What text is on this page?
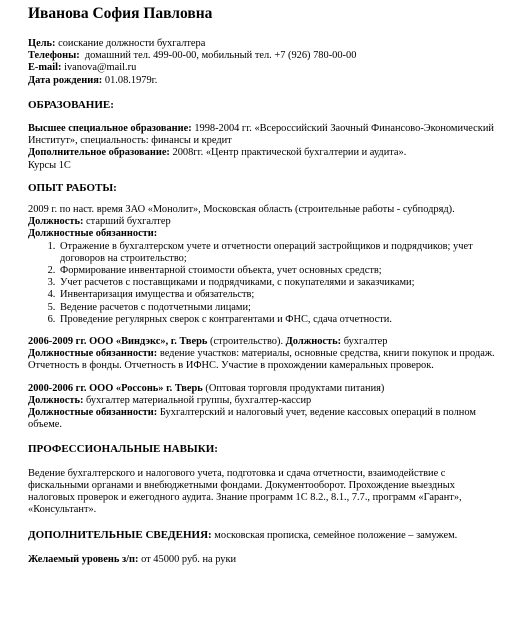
Иванова София Павловна

Цель: соискание должности бухгалтера

Телефоны: домашний тел. 499-00-00, мобильный тел. +7 (926) 780-00-00

E-mail: ivanova@mail.ru

Дата рождения: 01.08.1979г.

ОБРАЗОВАНИЕ:

Высшее специальное образование: 1998-2004 гг. «Всероссийский Заочный Финансово-Экономический Институт», специальность: финансы и кредит

Дополнительное образование: 2008гг. «Центр практической бухгалтерии и аудита».

Курсы 1С

ОПЫТ РАБОТЫ:

2009 г. по наст. время ЗАО «Монолит», Московская область (строительные работы - субподряд). Должность: старший бухгалтер

Должностные обязанности:

1. Отражение в бухгалтерском учете и отчетности операций застройщиков и подрядчиков; учет договоров на строительство;
2. Формирование инвентарной стоимости объекта, учет основных средств;
3. Учет расчетов с поставщиками и подрядчиками, с покупателями и заказчиками;
4. Инвентаризация имущества и обязательств;
5. Ведение расчетов с подотчетными лицами;
6. Проведение регулярных сверок с контрагентами и ФНС, сдача отчетности.

2006-2009 гг. ООО «Виндэкс», г. Тверь (строительство). Должность: бухгалтер

Должностные обязанности: ведение участков: материалы, основные средства, книги покупок и продаж. Отчетность в фонды. Отчетность в ИФНС. Участие в прохождении камеральных проверок.

2000-2006 гг. ООО «Россонь» г. Тверь (Оптовая торговля продуктами питания)

Должность: бухгалтер материальной группы, бухгалтер-кассир

Должностные обязанности: Бухгалтерский и налоговый учет, ведение кассовых операций в полном объеме.

ПРОФЕССИОНАЛЬНЫЕ НАВЫКИ:

Ведение бухгалтерского и налогового учета, подготовка и сдача отчетности, взаимодействие с фискальными органами и внебюджетными фондами. Документооборот. Прохождение выездных налоговых проверок и ежегодного аудита. Знание программ 1С 8.2., 8.1., 7.7., программ «Гарант», «Консультант».

ДОПОЛНИТЕЛЬНЫЕ СВЕДЕНИЯ: московская прописка, семейное положение – замужем.

Желаемый уровень з/п: от 45000 руб. на руки
